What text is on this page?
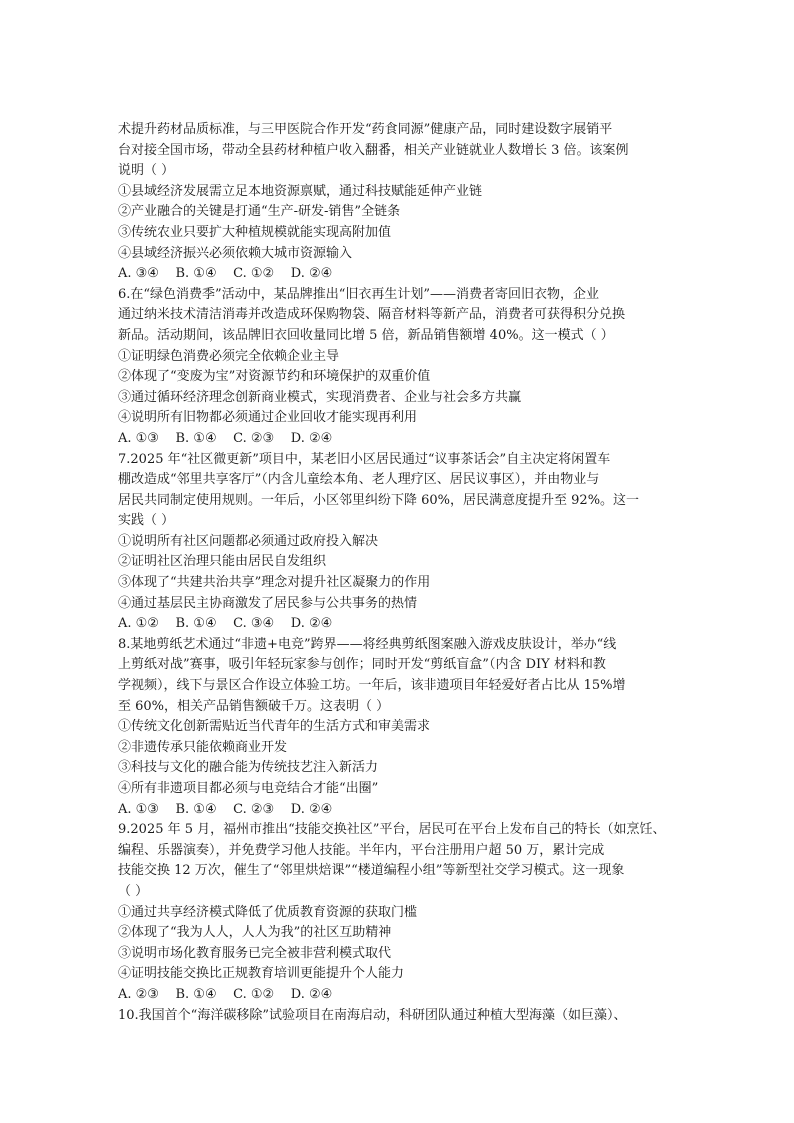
术提升药材品质标准，与三甲医院合作开发“药食同源”健康产品，同时建设数字展销平
台对接全国市场，带动全县药材种植户收入翻番，相关产业链就业人数增长 3 倍。该案例
说明（ ）
①县域经济发展需立足本地资源禀赋，通过科技赋能延伸产业链
②产业融合的关键是打通“生产-研发-销售”全链条
③传统农业只要扩大种植规模就能实现高附加值
④县域经济振兴必须依赖大城市资源输入
A. ③④    B. ①④    C. ①②    D. ②④
6.在“绿色消费季”活动中，某品牌推出“旧衣再生计划”——消费者寄回旧衣物，企业
通过纳米技术清洁消毒并改造成环保购物袋、隔音材料等新产品，消费者可获得积分兑换
新品。活动期间，该品牌旧衣回收量同比增 5 倍，新品销售额增 40%。这一模式（ ）
①证明绿色消费必须完全依赖企业主导
②体现了“变废为宝”对资源节约和环境保护的双重价值
③通过循环经济理念创新商业模式，实现消费者、企业与社会多方共赢
④说明所有旧物都必须通过企业回收才能实现再利用
A. ①③    B. ①④    C. ②③    D. ②④
7.2025 年“社区微更新”项目中，某老旧小区居民通过“议事茶话会”自主决定将闲置车
棚改造成“邻里共享客厅”（内含儿童绘本角、老人理疗区、居民议事区），并由物业与
居民共同制定使用规则。一年后，小区邻里纠纷下降 60%，居民满意度提升至 92%。这一
实践（ ）
①说明所有社区问题都必须通过政府投入解决
②证明社区治理只能由居民自发组织
③体现了“共建共治共享”理念对提升社区凝聚力的作用
④通过基层民主协商激发了居民参与公共事务的热情
A. ①②    B. ①④    C. ③④    D. ②④
8.某地剪纸艺术通过“非遗+电竞”跨界——将经典剪纸图案融入游戏皮肤设计，举办“线
上剪纸对战”赛事，吸引年轻玩家参与创作；同时开发“剪纸盲盒”（内含 DIY 材料和教
学视频），线下与景区合作设立体验工坊。一年后，该非遗项目年轻爱好者占比从 15%增
至 60%，相关产品销售额破千万。这表明（ ）
①传统文化创新需贴近当代青年的生活方式和审美需求
②非遗传承只能依赖商业开发
③科技与文化的融合能为传统技艺注入新活力
④所有非遗项目都必须与电竞结合才能“出圈”
A. ①③    B. ①④    C. ②③    D. ②④
9.2025 年 5 月，福州市推出“技能交换社区”平台，居民可在平台上发布自己的特长（如烹饪、
编程、乐器演奏），并免费学习他人技能。半年内，平台注册用户超 50 万，累计完成
技能交换 12 万次，催生了“邻里烘焙课”“楼道编程小组”等新型社交学习模式。这一现象
（ ）
①通过共享经济模式降低了优质教育资源的获取门槛
②体现了“我为人人，人人为我”的社区互助精神
③说明市场化教育服务已完全被非营利模式取代
④证明技能交换比正规教育培训更能提升个人能力
A. ②③    B. ①④    C. ①②    D. ②④
10.我国首个“海洋碳移除”试验项目在南海启动，科研团队通过种植大型海藻（如巨藻）、
